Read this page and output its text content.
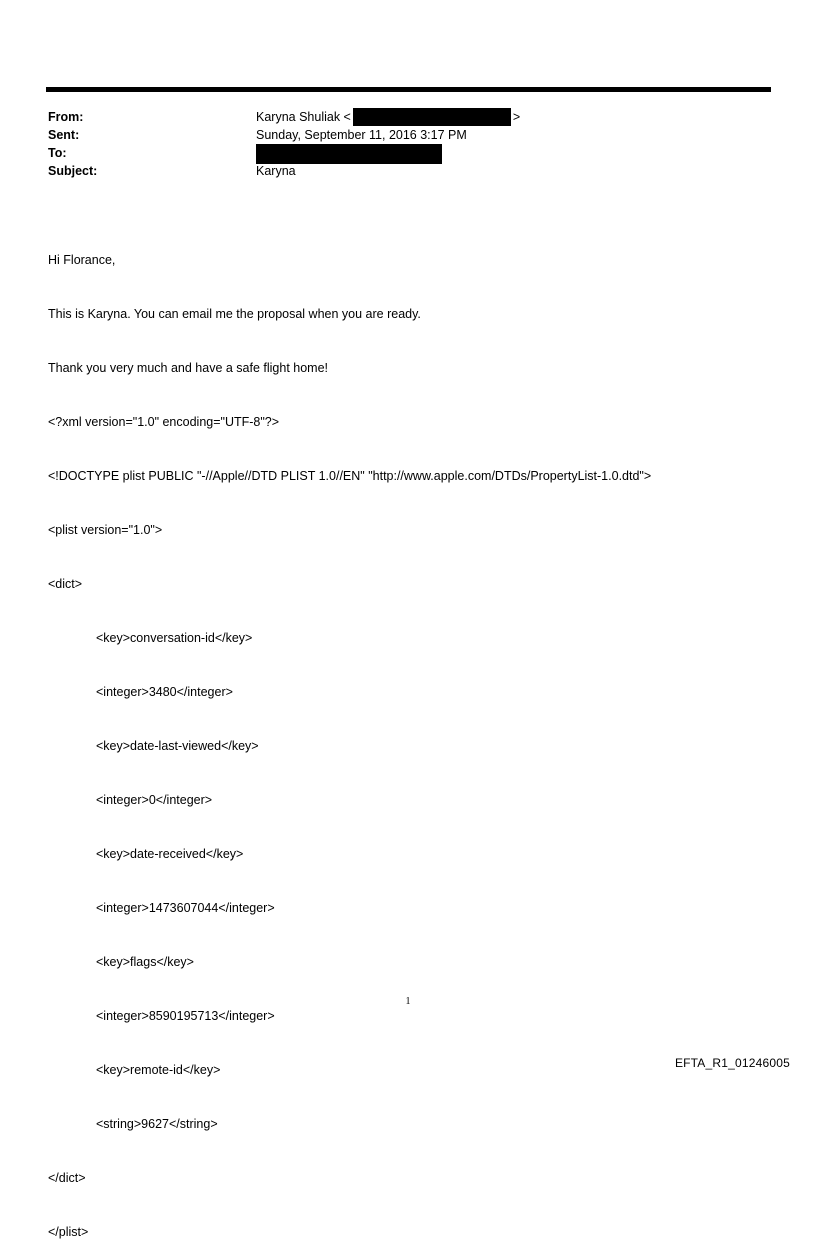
From:	Karyna Shuliak <	>
Sent:	Sunday, September 11, 2016 3:17 PM
To:
Subject:	Karyna

Hi Florance,

This is Karyna. You can email me the proposal when you are ready.

Thank you very much and have a safe flight home!

<?xml version="1.0" encoding="UTF-8"?>

<!DOCTYPE plist PUBLIC "-//Apple//DTD PLIST 1.0//EN" "http://www.apple.com/DTDs/PropertyList-1.0.dtd">

<plist version="1.0">

<dict>

<key>conversation-id</key>

<integer>3480</integer>

<key>date-last-viewed</key>

<integer>0</integer>

<key>date-received</key>

<integer>1473607044</integer>

<key>flags</key>

<integer>8590195713</integer>

<key>remote-id</key>

<string>9627</string>

</dict>

</plist>

1
EFTA_R1_01246005
